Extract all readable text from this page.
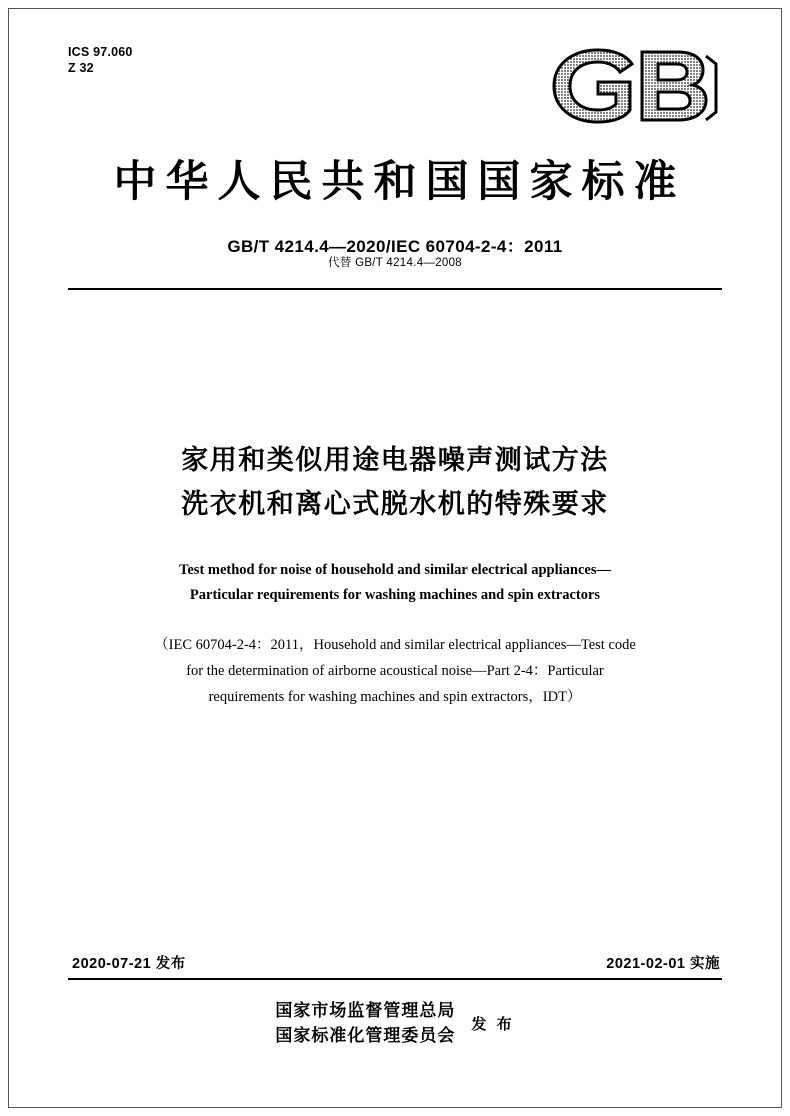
ICS 97.060
Z 32
中华人民共和国国家标准
GB/T 4214.4—2020/IEC 60704-2-4：2011
代替 GB/T 4214.4—2008
家用和类似用途电器噪声测试方法
洗衣机和离心式脱水机的特殊要求
Test method for noise of household and similar electrical appliances—
Particular requirements for washing machines and spin extractors
（IEC 60704-2-4：2011，Household and similar electrical appliances—Test code
for the determination of airborne acoustical noise—Part 2-4：Particular
requirements for washing machines and spin extractors，IDT）
2020-07-21 发布	2021-02-01 实施
国家市场监督管理总局
国家标准化管理委员会
发 布
